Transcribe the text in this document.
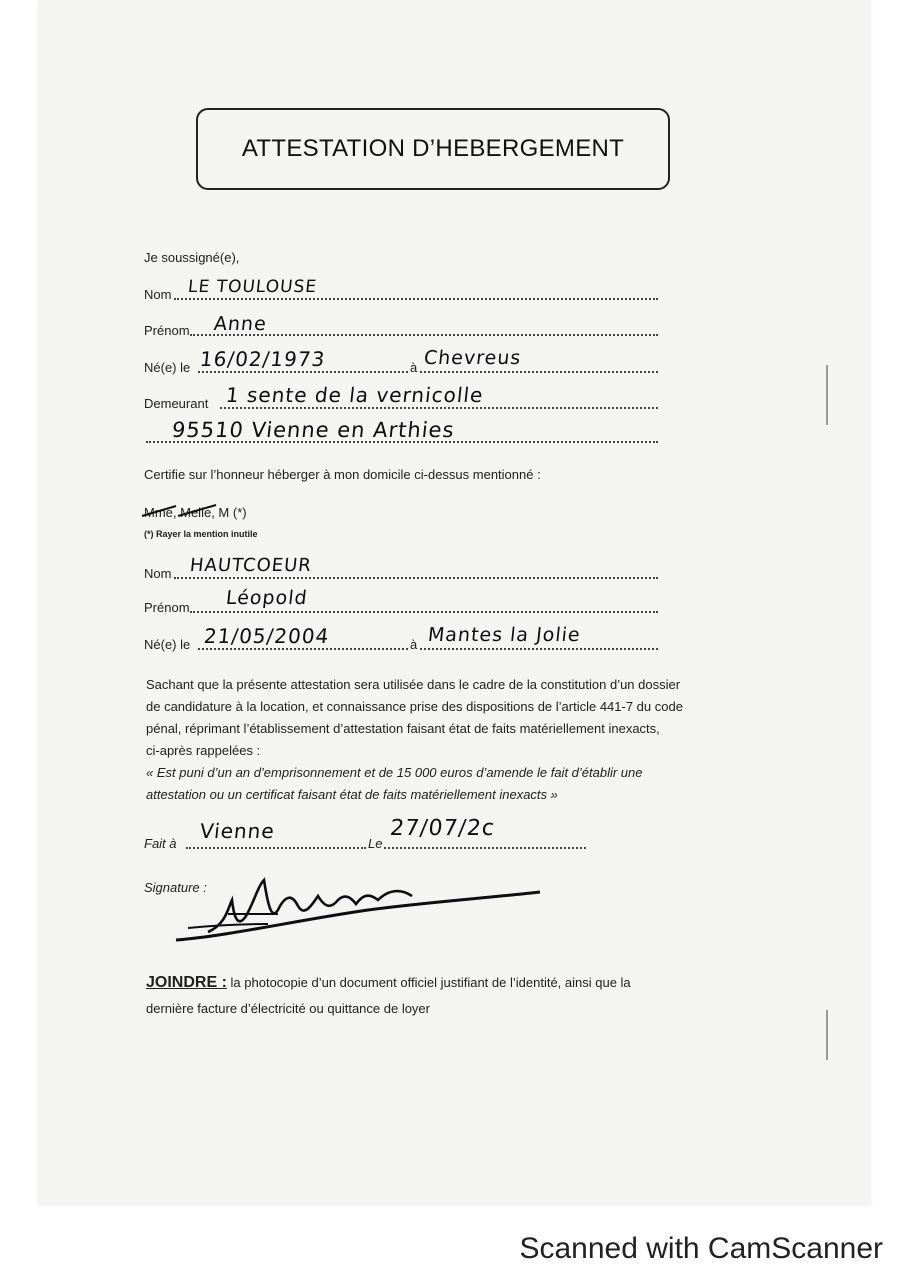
ATTESTATION D’HEBERGEMENT
Je soussigné(e),
Nom LE TOULOUSE
Prénom Anne
Né(e) le 16/02/1973	à Chevreus
Demeurant 1 sente de la vernicolle
95510 Vienne en Arthies
Certifie sur l’honneur héberger à mon domicile ci-dessus mentionné :
Mme
, Melle
, M (*)
(*) Rayer la mention inutile
Nom HAUTCOEUR
Prénom Léopold
Né(e) le 21/05/2004	à Mantes la Jolie
Sachant que la présente attestation sera utilisée dans le cadre de la constitution d’un dossier
de candidature à la location, et connaissance prise des dispositions de l’article 441-7 du code
pénal, réprimant l’établissement d’attestation faisant état de faits matériellement inexacts,
ci-après rappelées :
« Est puni d’un an d’emprisonnement et de 15 000 euros d’amende le fait d’établir une
attestation ou un certificat faisant état de faits matériellement inexacts »
Fait à
Vienne
Le
27/07/2c
Signature :
JOINDRE : la photocopie d’un document officiel justifiant de l’identité, ainsi que la
dernière facture d’électricité ou quittance de loyer
Scanned with CamScanner
